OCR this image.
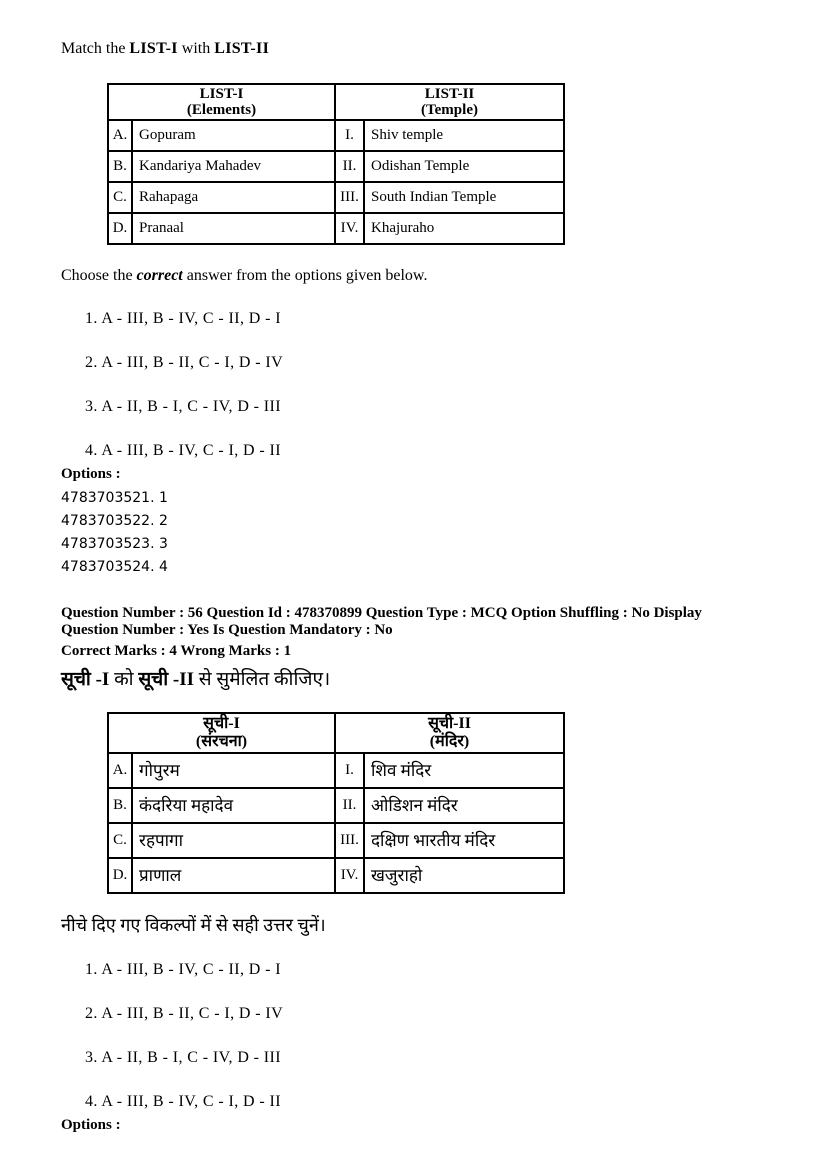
Match the LIST-I with LIST-II
LIST-I
(Elements)

LIST-II
(Temple)

A.	Gopuram	I.	Shiv temple
B.	Kandariya Mahadev	II.	Odishan Temple
C.	Rahapaga	III.	South Indian Temple
D.	Pranaal	IV.	Khajuraho
Choose the correct answer from the options given below.
1. A - III, B - IV, C - II, D - I
2. A - III, B - II, C - I, D - IV
3. A - II, B - I, C - IV, D - III
4. A - III, B - IV, C - I, D - II
Options :
4783703521. 1
4783703522. 2
4783703523. 3
4783703524. 4
Question Number : 56 Question Id : 478370899 Question Type : MCQ Option Shuffling : No Display
Question Number : Yes Is Question Mandatory : No
Correct Marks : 4 Wrong Marks : 1
सूची -I को सूची -II से सुमेलित कीजिए।
सूची-I
(संरचना)

सूची-II
(मंदिर)

A.	गोपुरम	I.	शिव मंदिर
B.	कंदरिया महादेव	II.	ओडिशन मंदिर
C.	रहपागा	III.	दक्षिण भारतीय मंदिर
D.	प्राणाल	IV.	खजुराहो
नीचे दिए गए विकल्पों में से सही उत्तर चुनें।
1. A - III, B - IV, C - II, D - I
2. A - III, B - II, C - I, D - IV
3. A - II, B - I, C - IV, D - III
4. A - III, B - IV, C - I, D - II
Options :
